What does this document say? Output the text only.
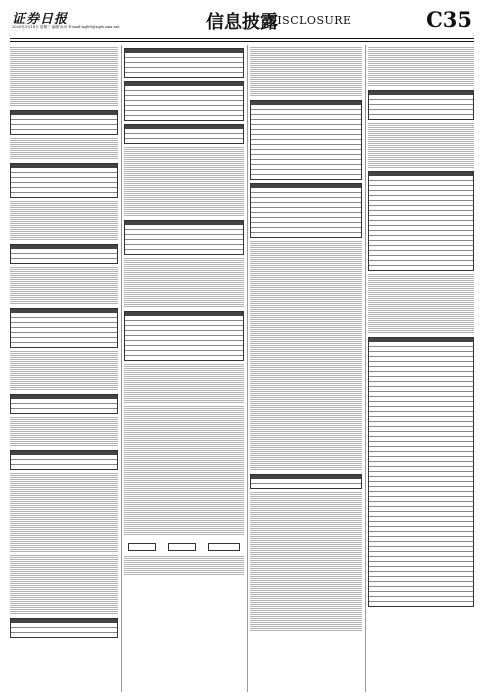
证券日报
2020年3月18日 星期三 编辑 孙可 E-mail:zqrb9@zqrb.sina.net	信息披露
DISCLOSURE	C35
